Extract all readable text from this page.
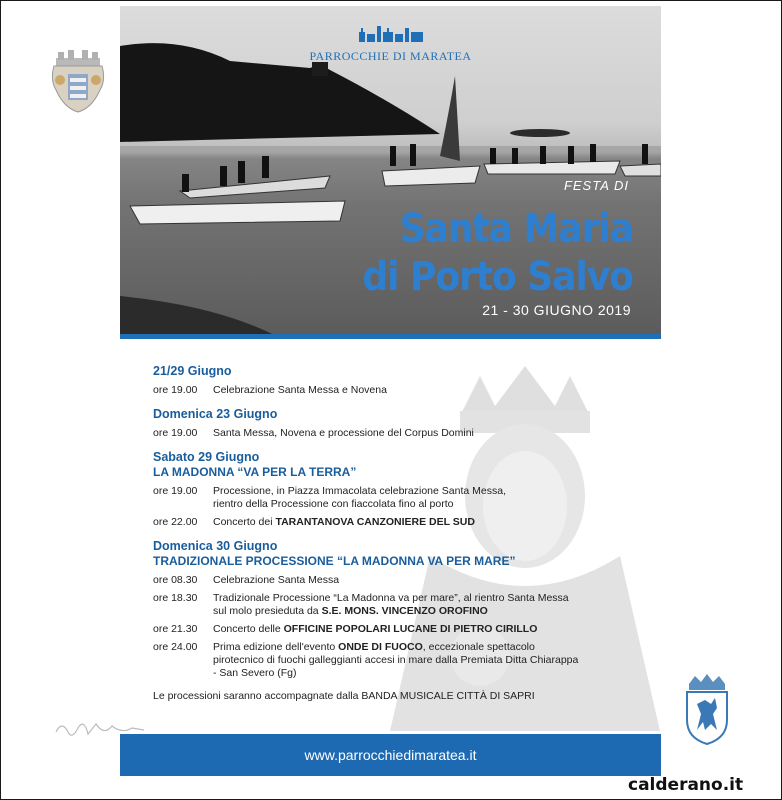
PARROCCHIE DI MARATEA
FESTA DI
Santa Maria
di Porto Salvo
21 - 30 GIUGNO 2019
21/29 Giugno
ore 19.00	Celebrazione Santa Messa e Novena
Domenica 23 Giugno
ore 19.00	Santa Messa, Novena e processione del Corpus Domini
Sabato 29 Giugno
LA MADONNA “VA PER LA TERRA”
ore 19.00	Processione, in Piazza Immacolata celebrazione Santa Messa, rientro della Processione con fiaccolata fino al porto
ore 22.00	Concerto dei TARANTANOVA CANZONIERE DEL SUD
Domenica 30 Giugno
TRADIZIONALE PROCESSIONE “LA MADONNA VA PER MARE”
ore 08.30	Celebrazione Santa Messa
ore 18.30	Tradizionale Processione “La Madonna va per mare”, al rientro Santa Messa sul molo presieduta da S.E. MONS. VINCENZO OROFINO
ore 21.30	Concerto delle OFFICINE POPOLARI LUCANE DI PIETRO CIRILLO
ore 24.00	Prima edizione dell'evento ONDE DI FUOCO, eccezionale spettacolo pirotecnico di fuochi galleggianti accesi in mare dalla Premiata Ditta Chiarappa - San Severo (Fg)
Le processioni saranno accompagnate dalla BANDA MUSICALE CITTÀ DI SAPRI
www.parrocchiedimaratea.it
calderano.it
